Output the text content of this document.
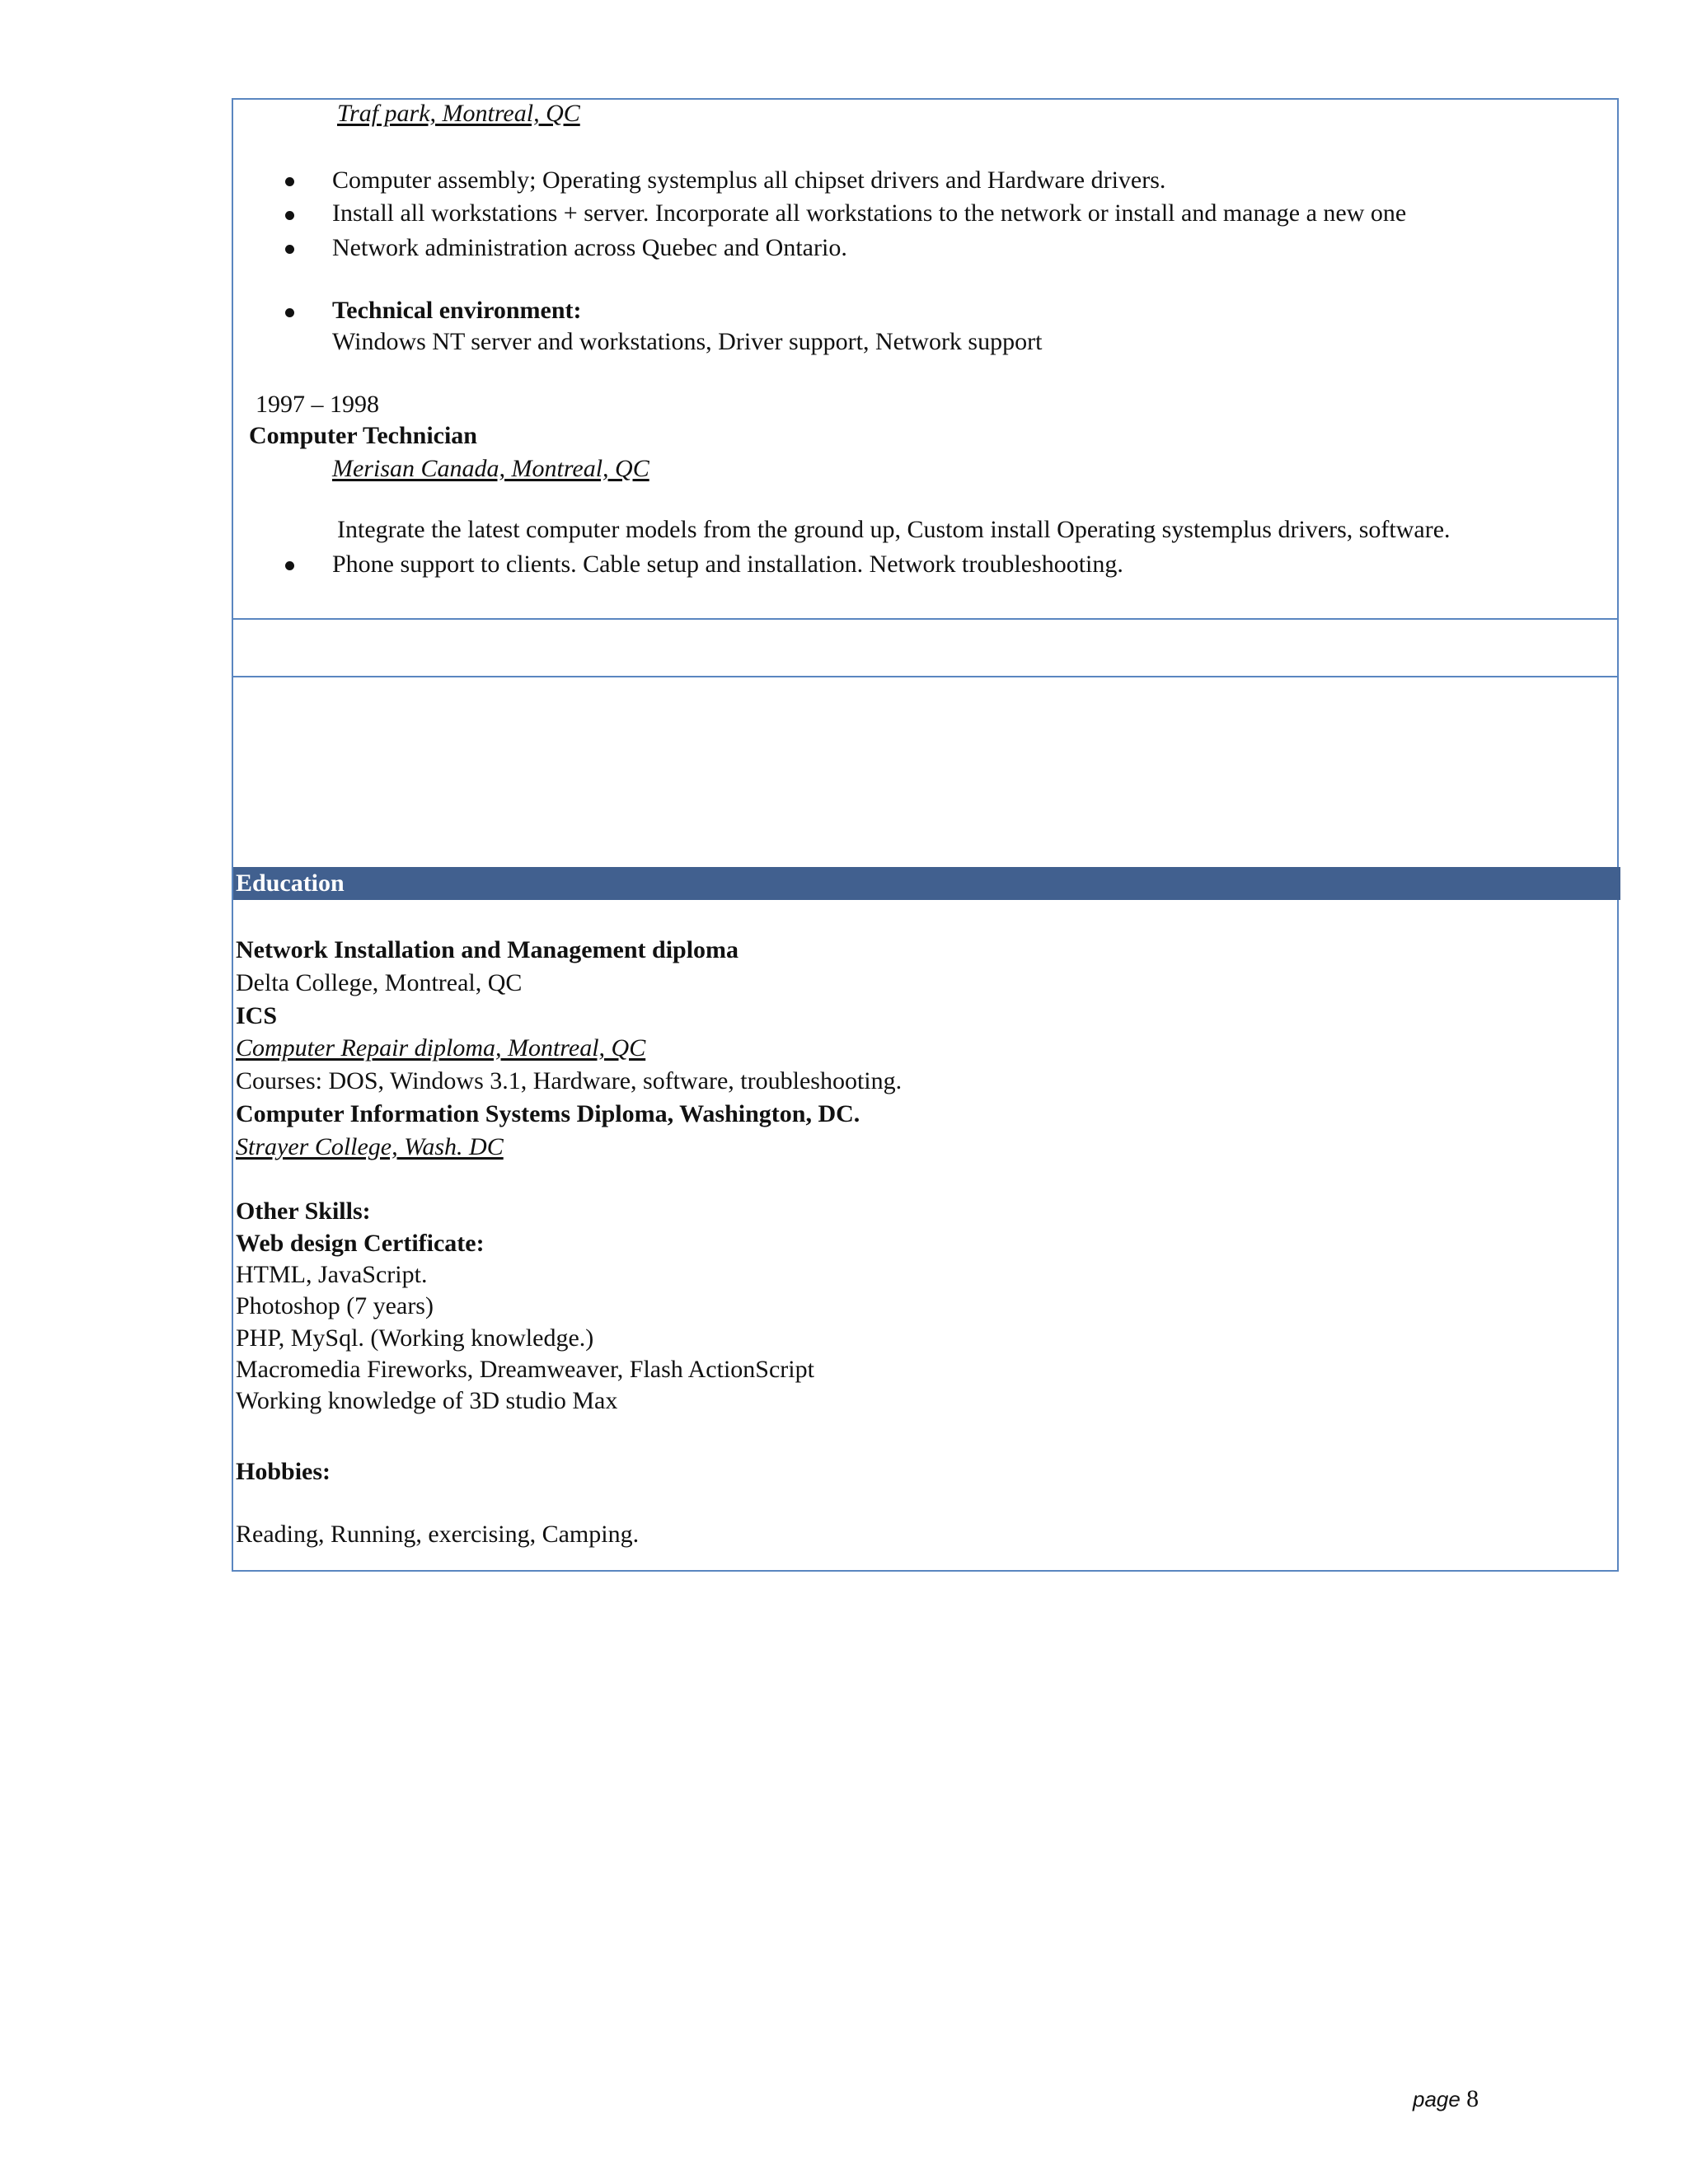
Traf park, Montreal, QC
Computer assembly; Operating systemplus all chipset drivers and Hardware drivers.
Install all workstations + server. Incorporate all workstations to the network or install and manage a new one
Network administration across Quebec and Ontario.
Technical environment:
Windows NT server and workstations, Driver support, Network support
1997 – 1998
Computer Technician
Merisan Canada, Montreal, QC
Integrate the latest computer models from the ground up, Custom install Operating systemplus drivers, software.
Phone support to clients. Cable setup and installation. Network troubleshooting.
Education
Network Installation and Management diploma
Delta College, Montreal, QC
ICS
Computer Repair diploma, Montreal, QC
Courses: DOS, Windows 3.1, Hardware, software, troubleshooting.
Computer Information Systems Diploma, Washington, DC.
Strayer College, Wash. DC
Other Skills:
Web design Certificate:
HTML, JavaScript.
Photoshop (7 years)
PHP, MySql. (Working knowledge.)
Macromedia Fireworks, Dreamweaver, Flash ActionScript
Working knowledge of 3D studio Max
Hobbies:
Reading, Running, exercising, Camping.
page 8
